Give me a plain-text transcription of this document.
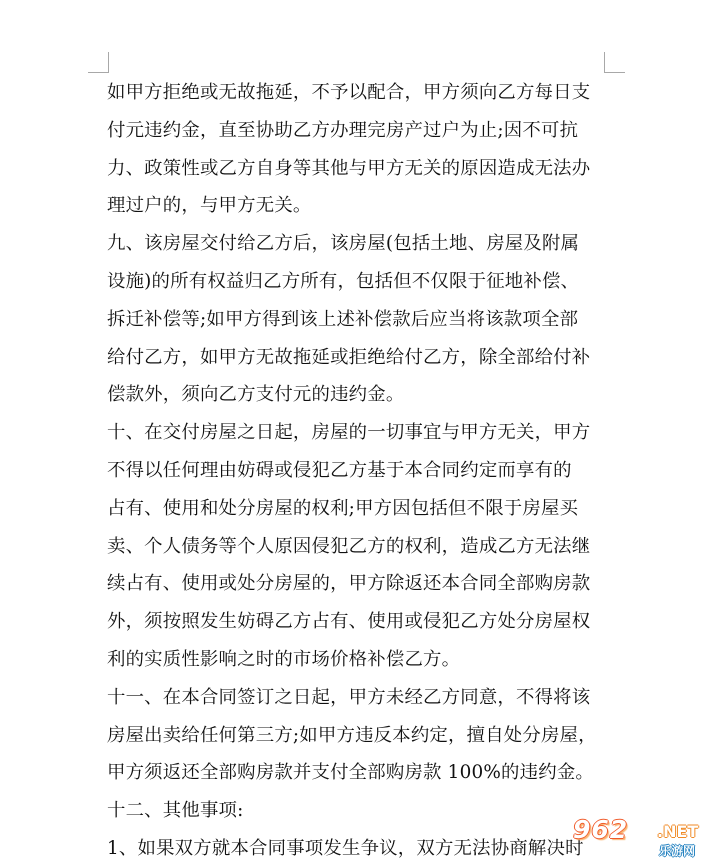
如甲方拒绝或无故拖延，不予以配合，甲方须向乙方每日支
付元违约金，直至协助乙方办理完房产过户为止;因不可抗
力、政策性或乙方自身等其他与甲方无关的原因造成无法办
理过户的，与甲方无关。
九、该房屋交付给乙方后，该房屋(包括土地、房屋及附属
设施)的所有权益归乙方所有，包括但不仅限于征地补偿、
拆迁补偿等;如甲方得到该上述补偿款后应当将该款项全部
给付乙方，如甲方无故拖延或拒绝给付乙方，除全部给付补
偿款外，须向乙方支付元的违约金。
十、在交付房屋之日起，房屋的一切事宜与甲方无关，甲方
不得以任何理由妨碍或侵犯乙方基于本合同约定而享有的
占有、使用和处分房屋的权利;甲方因包括但不限于房屋买
卖、个人债务等个人原因侵犯乙方的权利，造成乙方无法继
续占有、使用或处分房屋的，甲方除返还本合同全部购房款
外，须按照发生妨碍乙方占有、使用或侵犯乙方处分房屋权
利的实质性影响之时的市场价格补偿乙方。
十一、在本合同签订之日起，甲方未经乙方同意，不得将该
房屋出卖给任何第三方;如甲方违反本约定，擅自处分房屋，
甲方须返还全部购房款并支付全部购房款 100%的违约金。
十二、其他事项:
1、如果双方就本合同事项发生争议，双方无法协商解决时
962	.NET
乐游网
